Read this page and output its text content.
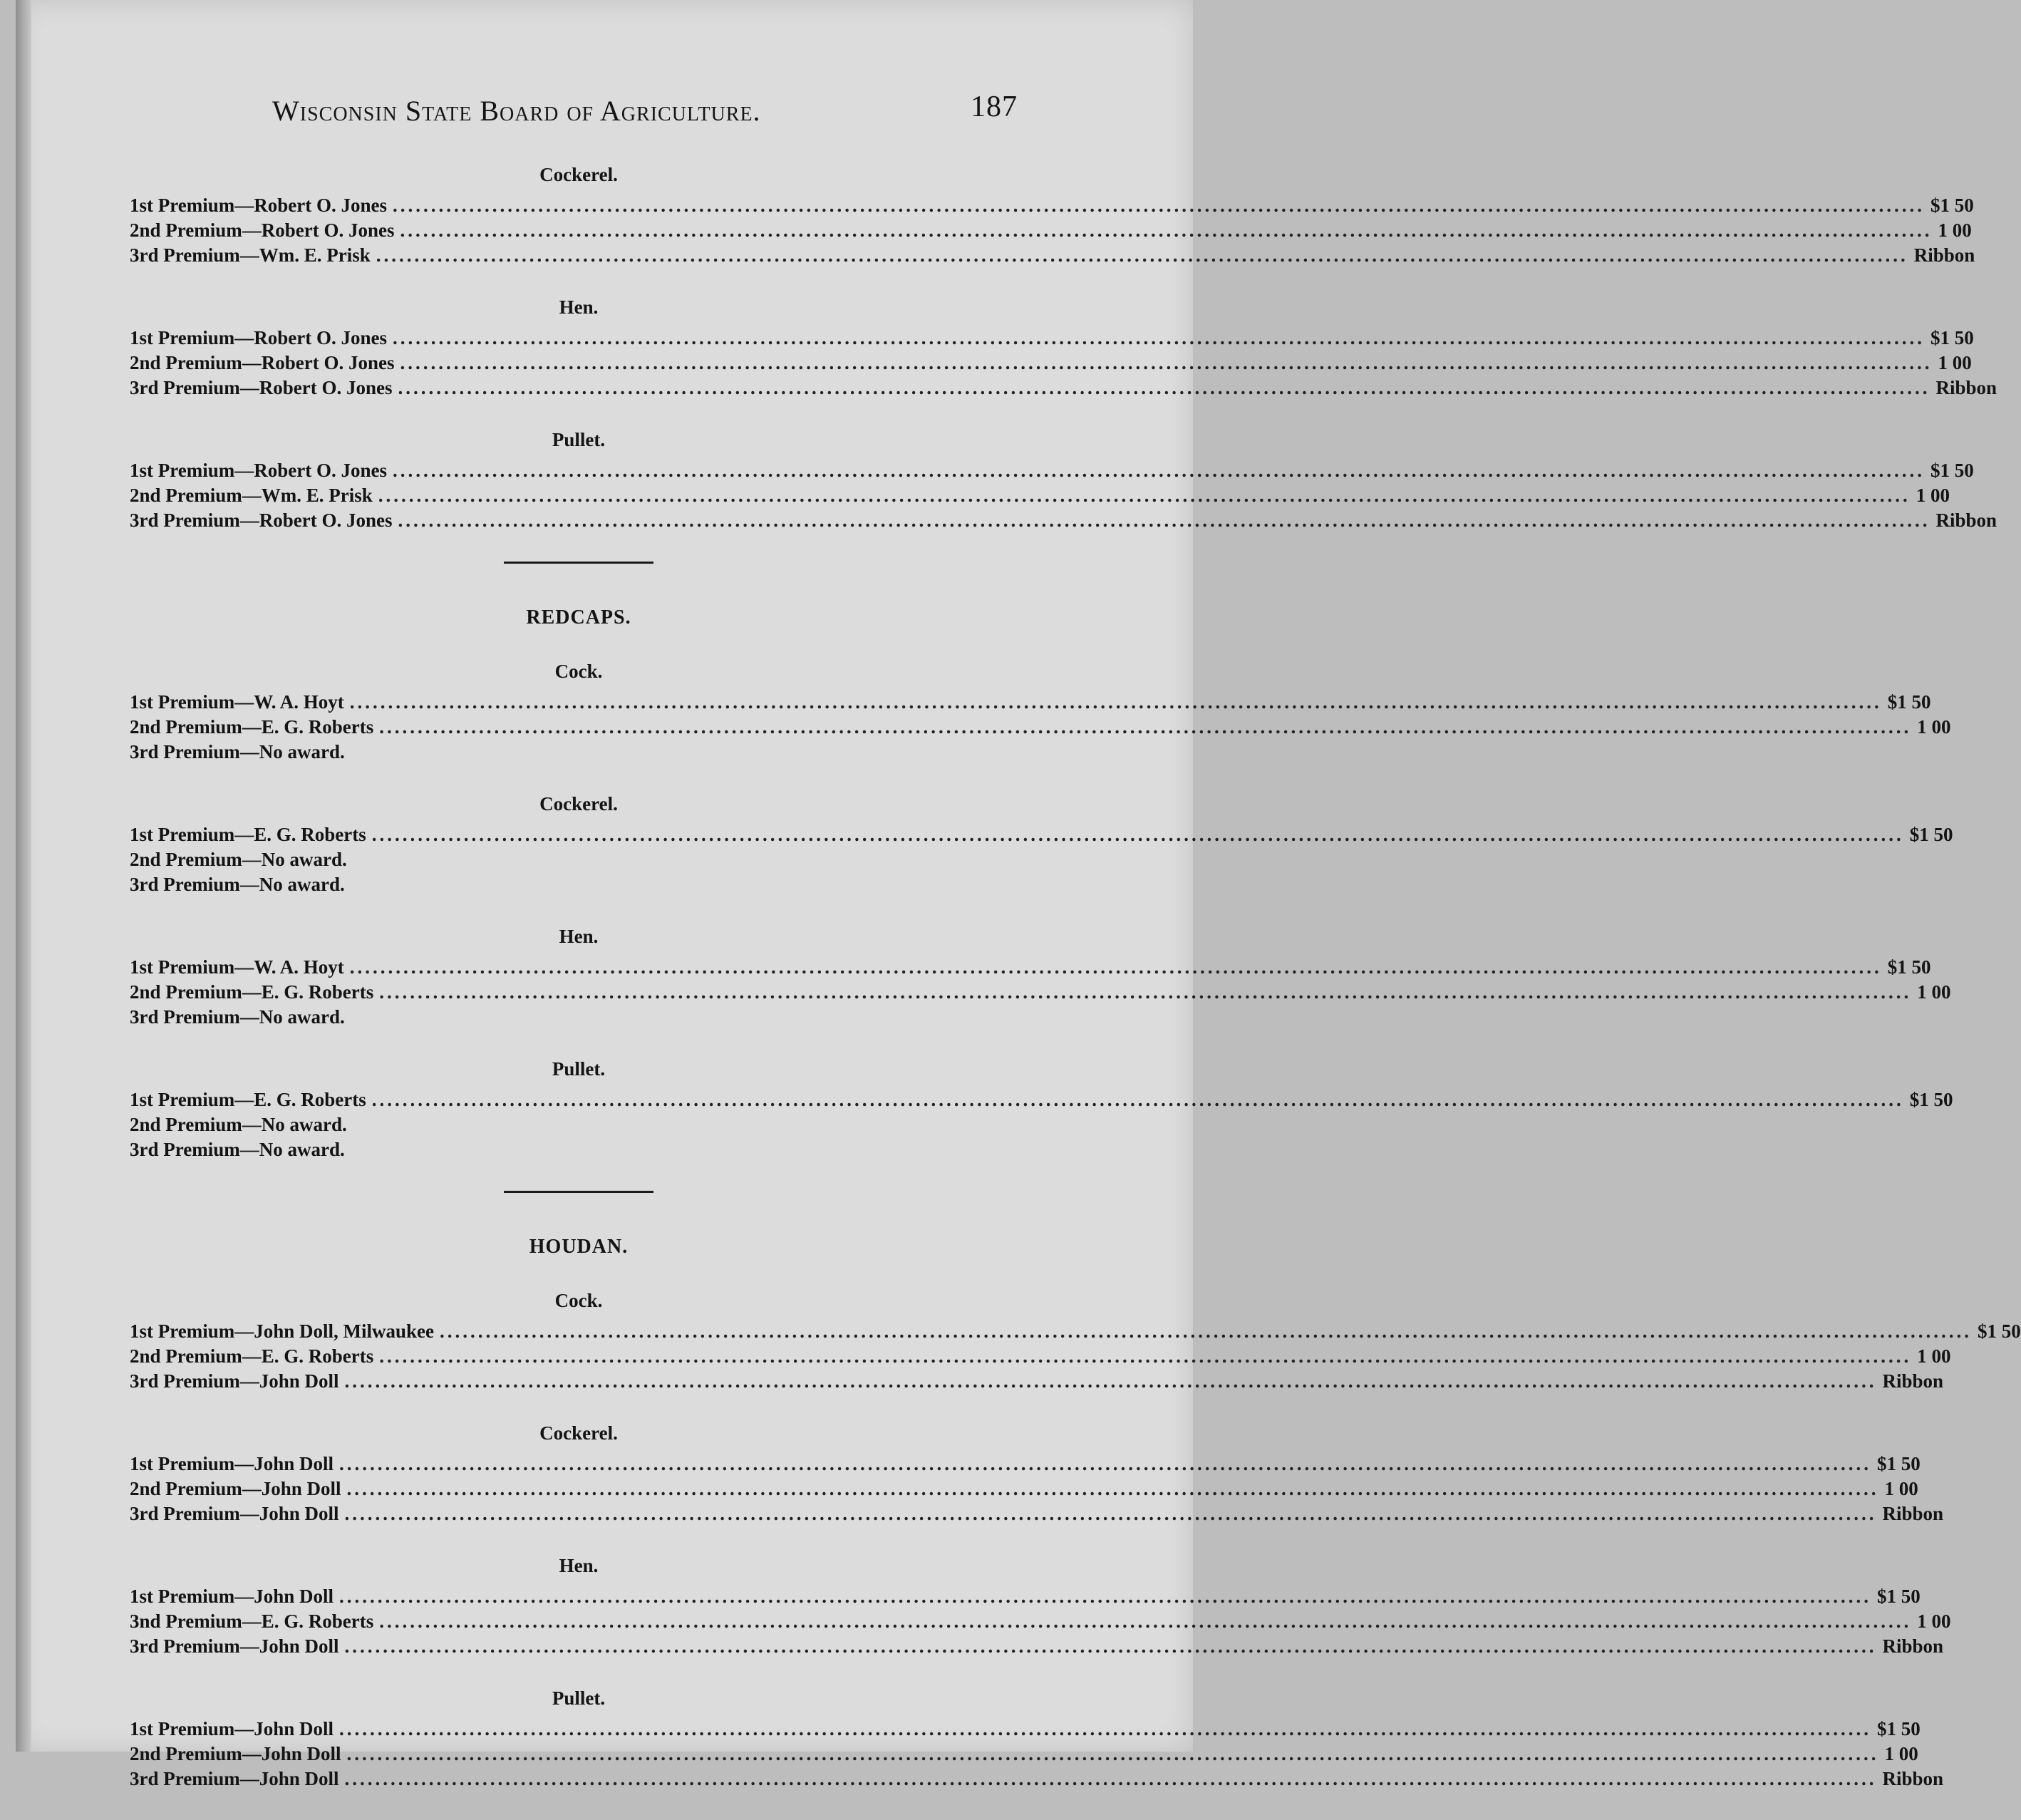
Wisconsin State Board of Agriculture.	187
Cockerel.
1st Premium—Robert O. Jones ........................................................................................................................................................................................................ $1 50
2nd Premium—Robert O. Jones ........................................................................................................................................................................................................ 1 00
3rd Premium—Wm. E. Prisk ........................................................................................................................................................................................................ Ribbon
Hen.
1st Premium—Robert O. Jones ........................................................................................................................................................................................................ $1 50
2nd Premium—Robert O. Jones ........................................................................................................................................................................................................ 1 00
3rd Premium—Robert O. Jones ........................................................................................................................................................................................................ Ribbon
Pullet.
1st Premium—Robert O. Jones ........................................................................................................................................................................................................ $1 50
2nd Premium—Wm. E. Prisk ........................................................................................................................................................................................................ 1 00
3rd Premium—Robert O. Jones ........................................................................................................................................................................................................ Ribbon
REDCAPS.
Cock.
1st Premium—W. A. Hoyt ........................................................................................................................................................................................................ $1 50
2nd Premium—E. G. Roberts ........................................................................................................................................................................................................ 1 00
3rd Premium—No award.
Cockerel.
1st Premium—E. G. Roberts ........................................................................................................................................................................................................ $1 50
2nd Premium—No award.
3rd Premium—No award.
Hen.
1st Premium—W. A. Hoyt ........................................................................................................................................................................................................ $1 50
2nd Premium—E. G. Roberts ........................................................................................................................................................................................................ 1 00
3rd Premium—No award.
Pullet.
1st Premium—E. G. Roberts ........................................................................................................................................................................................................ $1 50
2nd Premium—No award.
3rd Premium—No award.
HOUDAN.
Cock.
1st Premium—John Doll, Milwaukee ........................................................................................................................................................................................................ $1 50
2nd Premium—E. G. Roberts ........................................................................................................................................................................................................ 1 00
3rd Premium—John Doll ........................................................................................................................................................................................................ Ribbon
Cockerel.
1st Premium—John Doll ........................................................................................................................................................................................................ $1 50
2nd Premium—John Doll ........................................................................................................................................................................................................ 1 00
3rd Premium—John Doll ........................................................................................................................................................................................................ Ribbon
Hen.
1st Premium—John Doll ........................................................................................................................................................................................................ $1 50
3nd Premium—E. G. Roberts ........................................................................................................................................................................................................ 1 00
3rd Premium—John Doll ........................................................................................................................................................................................................ Ribbon
Pullet.
1st Premium—John Doll ........................................................................................................................................................................................................ $1 50
2nd Premium—John Doll ........................................................................................................................................................................................................ 1 00
3rd Premium—John Doll ........................................................................................................................................................................................................ Ribbon
